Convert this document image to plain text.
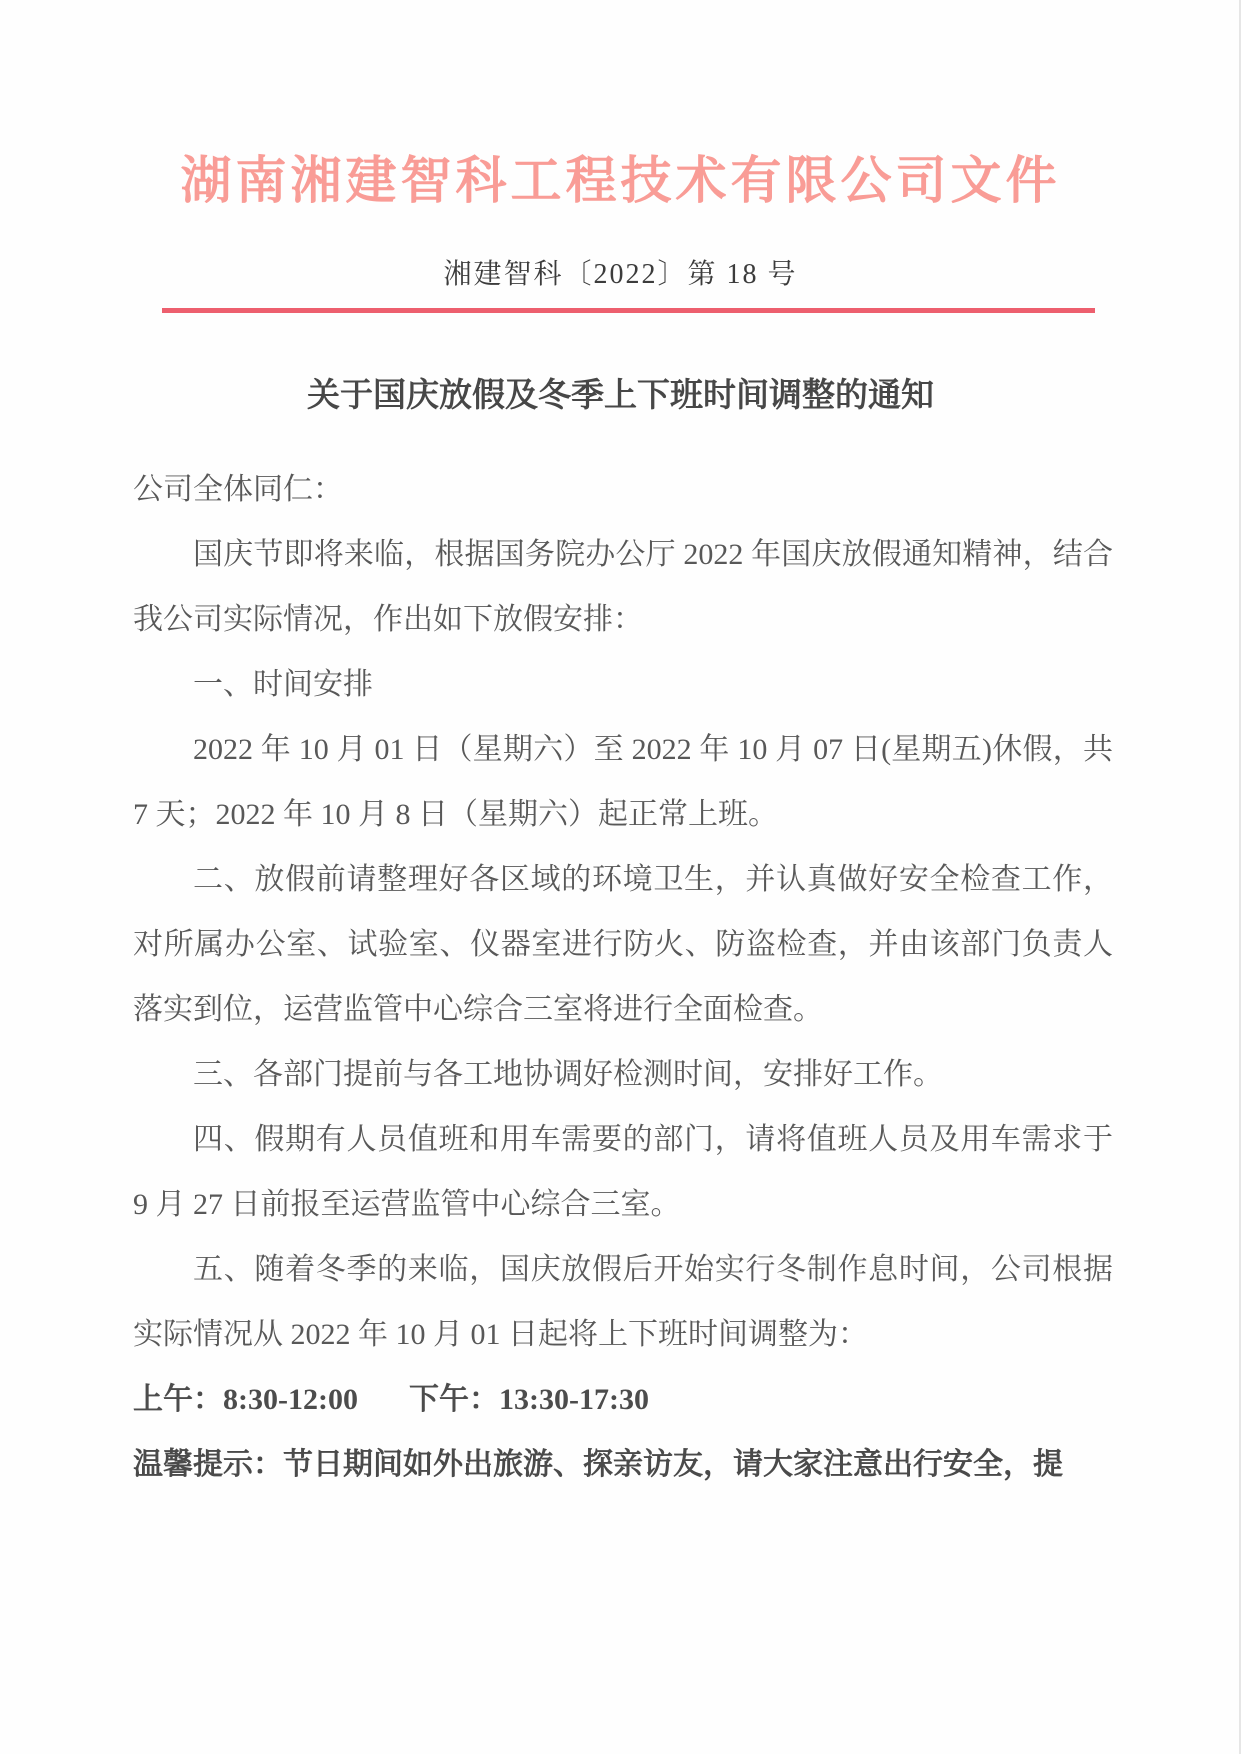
湖南湘建智科工程技术有限公司文件
湘建智科〔2022〕第 18 号
关于国庆放假及冬季上下班时间调整的通知

公司全体同仁：

国庆节即将来临，根据国务院办公厅 2022 年国庆放假通知精神，结合我公司实际情况，作出如下放假安排：

一、时间安排

2022 年 10 月 01 日（星期六）至 2022 年 10 月 07 日(星期五)休假，共 7 天；2022 年 10 月 8 日（星期六）起正常上班。

二、放假前请整理好各区域的环境卫生，并认真做好安全检查工作，对所属办公室、试验室、仪器室进行防火、防盗检查，并由该部门负责人落实到位，运营监管中心综合三室将进行全面检查。

三、各部门提前与各工地协调好检测时间，安排好工作。

四、假期有人员值班和用车需要的部门，请将值班人员及用车需求于 9 月 27 日前报至运营监管中心综合三室。

五、随着冬季的来临，国庆放假后开始实行冬制作息时间，公司根据实际情况从 2022 年 10 月 01 日起将上下班时间调整为：

上午：8:30-12:00 下午：13:30-17:30

温馨提示：节日期间如外出旅游、探亲访友，请大家注意出行安全，提
